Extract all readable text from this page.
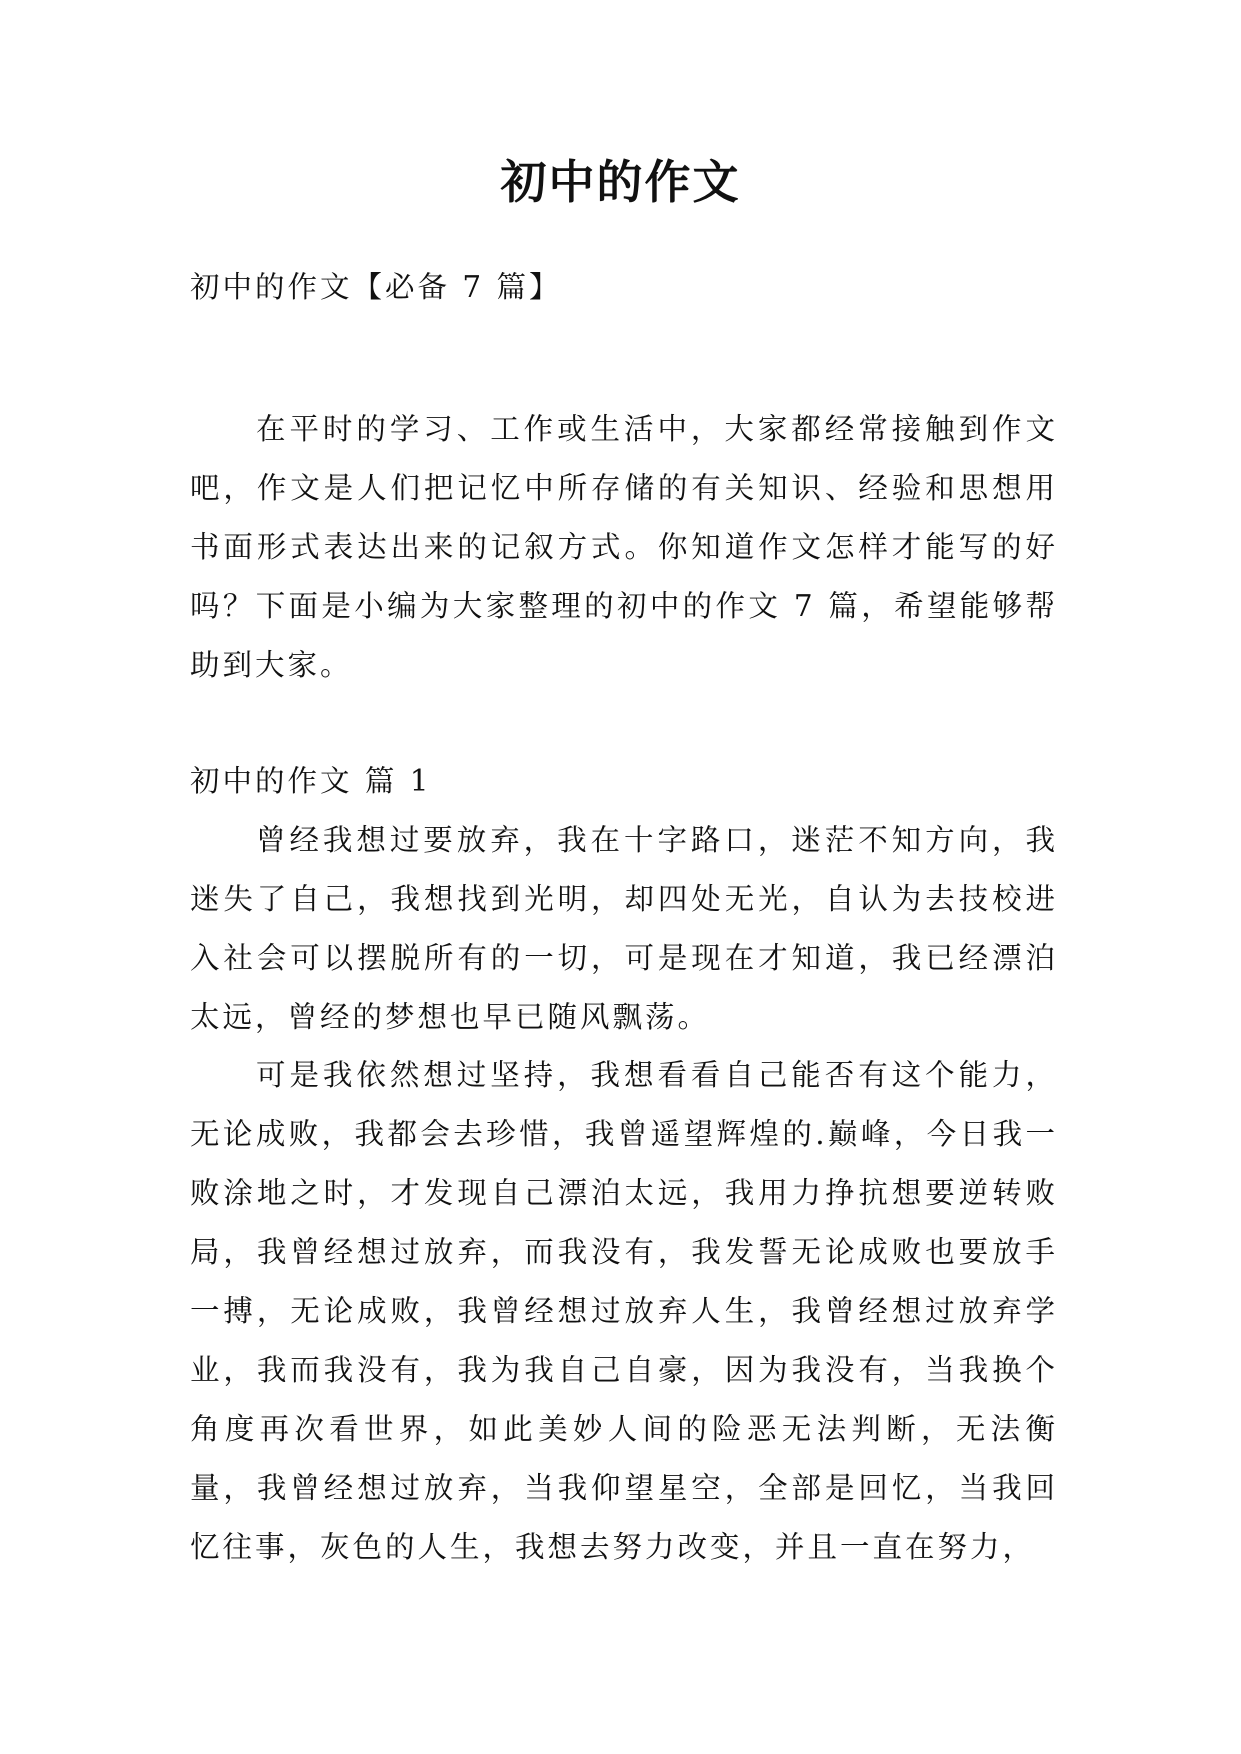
初中的作文

初中的作文【必备 7 篇】

在平时的学习、工作或生活中，大家都经常接触到作文吧，作文是人们把记忆中所存储的有关知识、经验和思想用书面形式表达出来的记叙方式。你知道作文怎样才能写的好吗？下面是小编为大家整理的初中的作文 7 篇，希望能够帮助到大家。

初中的作文 篇 1

曾经我想过要放弃，我在十字路口，迷茫不知方向，我迷失了自己，我想找到光明，却四处无光，自认为去技校进入社会可以摆脱所有的一切，可是现在才知道，我已经漂泊太远，曾经的梦想也早已随风飘荡。

可是我依然想过坚持，我想看看自己能否有这个能力，无论成败，我都会去珍惜，我曾遥望辉煌的.巅峰，今日我一败涂地之时，才发现自己漂泊太远，我用力挣抗想要逆转败局，我曾经想过放弃，而我没有，我发誓无论成败也要放手一搏，无论成败，我曾经想过放弃人生，我曾经想过放弃学业，我而我没有，我为我自己自豪，因为我没有，当我换个角度再次看世界，如此美妙人间的险恶无法判断，无法衡量，我曾经想过放弃，当我仰望星空，全部是回忆，当我回忆往事，灰色的人生，我想去努力改变，并且一直在努力，
